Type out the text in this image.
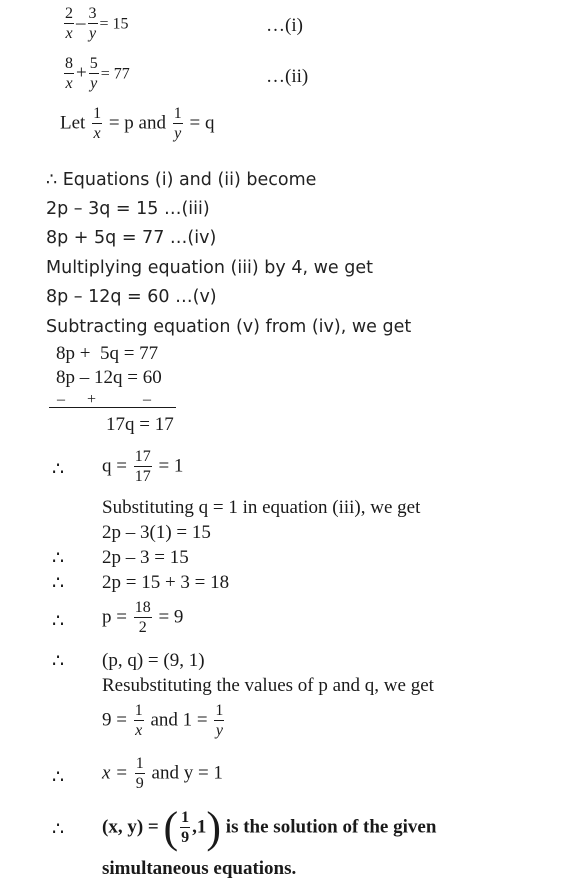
$\frac{2}{x} - \frac{3}{y} = 15$	…(i)
$\frac{8}{x} + \frac{5}{y} = 77$	…(ii)
Let $\frac{1}{x} = p$ and $\frac{1}{y} = q$
∴ Equations (i) and (ii) become
2p – 3q = 15 …(iii)
8p + 5q = 77 …(iv)
Multiplying equation (iii) by 4, we get
8p – 12q = 60 …(v)
Subtracting equation (v) from (iv), we get
8p +  5q = 77
8p – 12q = 60
– +	–
17q = 17
∴ $q = \frac{17}{17} = 1$
Substituting q = 1 in equation (iii), we get
2p – 3(1) = 15
∴ 2p – 3 = 15
∴ 2p = 15 + 3 = 18
∴ $p = \frac{18}{2} = 9$
∴ (p, q) = (9, 1)
Resubstituting the values of p and q, we get
$9 = \frac{1}{x}$ and $1 = \frac{1}{y}$
∴ $x = \frac{1}{9}$ and y = 1
∴ (x, y) = ( $\frac{1}{9} ,1$) is the solution of the given
simultaneous equations.
